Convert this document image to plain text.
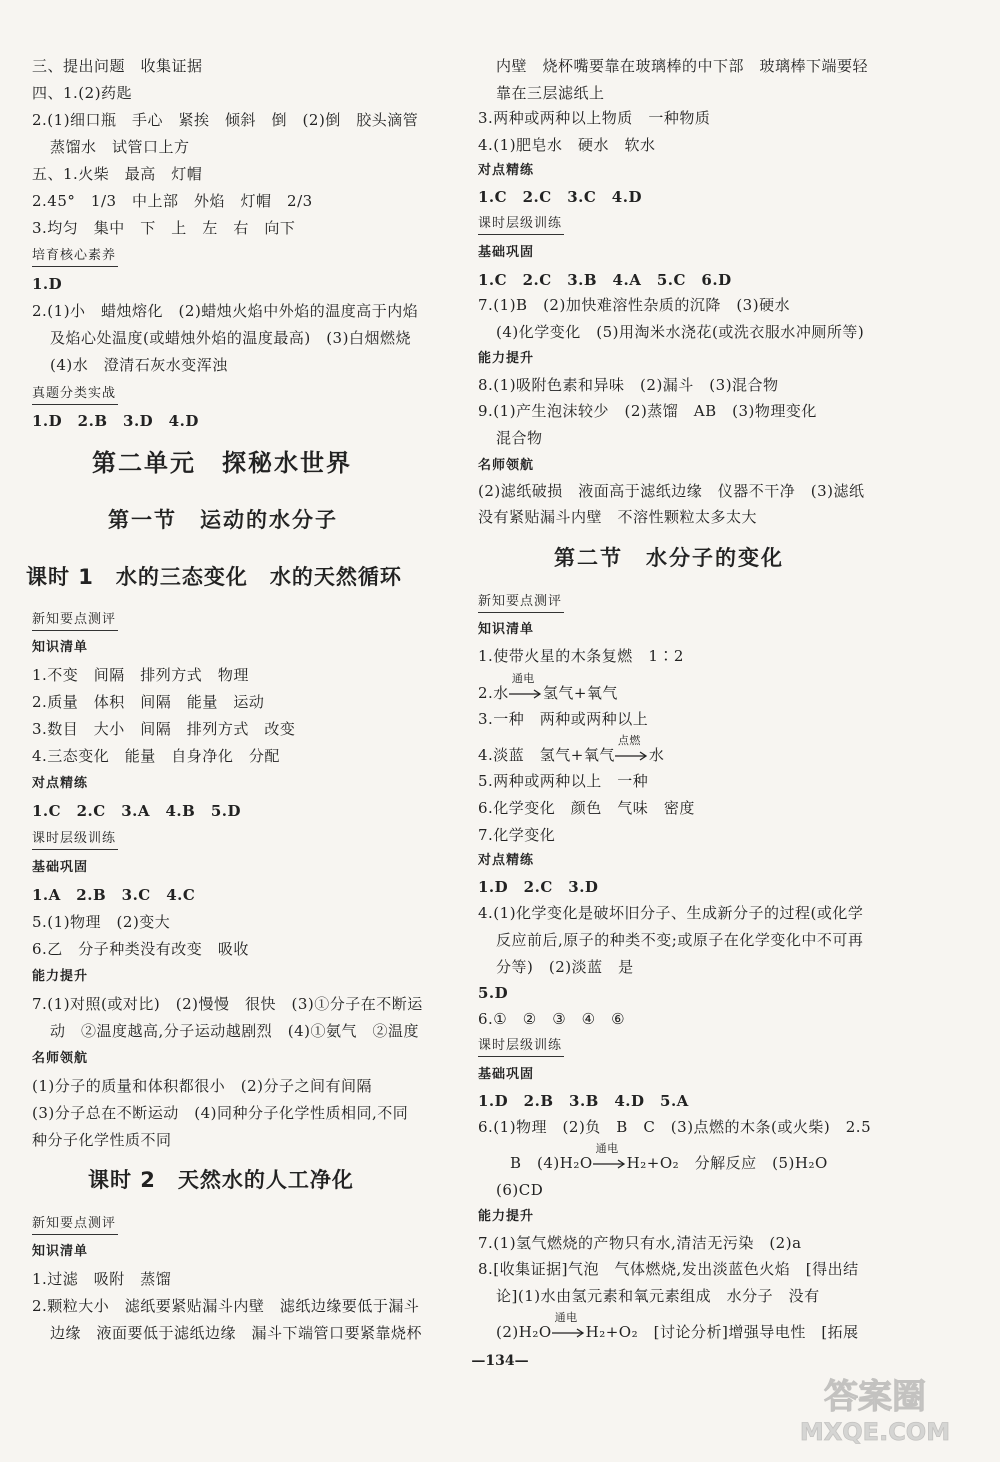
三、提出问题　收集证据
四、1.(2)药匙
2.(1)细口瓶　手心　紧挨　倾斜　倒　(2)倒　胶头滴管
蒸馏水　试管口上方
五、1.火柴　最高　灯帽
2.45°　1/3　中上部　外焰　灯帽　2/3
3.均匀　集中　下　上　左　右　向下
培育核心素养
1.D
2.(1)小　蜡烛熔化　(2)蜡烛火焰中外焰的温度高于内焰
及焰心处温度(或蜡烛外焰的温度最高)　(3)白烟燃烧
(4)水　澄清石灰水变浑浊
真题分类实战
1.D　2.B　3.D　4.D
第二单元　探秘水世界
第一节　运动的水分子
课时 1　水的三态变化　水的天然循环
新知要点测评
知识清单
1.不变　间隔　排列方式　物理
2.质量　体积　间隔　能量　运动
3.数目　大小　间隔　排列方式　改变
4.三态变化　能量　自身净化　分配
对点精练
1.C　2.C　3.A　4.B　5.D
课时层级训练
基础巩固
1.A　2.B　3.C　4.C
5.(1)物理　(2)变大
6.乙　分子种类没有改变　吸收
能力提升
7.(1)对照(或对比)　(2)慢慢　很快　(3)①分子在不断运
动　②温度越高,分子运动越剧烈　(4)①氨气　②温度
名师领航
(1)分子的质量和体积都很小　(2)分子之间有间隔
(3)分子总在不断运动　(4)同种分子化学性质相同,不同
种分子化学性质不同
课时 2　天然水的人工净化
新知要点测评
知识清单
1.过滤　吸附　蒸馏
2.颗粒大小　滤纸要紧贴漏斗内壁　滤纸边缘要低于漏斗
边缘　液面要低于滤纸边缘　漏斗下端管口要紧靠烧杯
内壁　烧杯嘴要靠在玻璃棒的中下部　玻璃棒下端要轻
靠在三层滤纸上
3.两种或两种以上物质　一种物质
4.(1)肥皂水　硬水　软水
对点精练
1.C　2.C　3.C　4.D
课时层级训练
基础巩固
1.C　2.C　3.B　4.A　5.C　6.D
7.(1)B　(2)加快难溶性杂质的沉降　(3)硬水
(4)化学变化　(5)用淘米水浇花(或洗衣服水冲厕所等)
能力提升
8.(1)吸附色素和异味　(2)漏斗　(3)混合物
9.(1)产生泡沫较少　(2)蒸馏　AB　(3)物理变化
混合物
名师领航
(2)滤纸破损　液面高于滤纸边缘　仪器不干净　(3)滤纸
没有紧贴漏斗内壁　不溶性颗粒太多太大
第二节　水分子的变化
新知要点测评
知识清单
1.使带火星的木条复燃　1∶2
2.水
通电
氢气+氧气
3.一种　两种或两种以上
4.淡蓝　氢气+氧气
点燃
水
5.两种或两种以上　一种
6.化学变化　颜色　气味　密度
7.化学变化
对点精练
1.D　2.C　3.D
4.(1)化学变化是破坏旧分子、生成新分子的过程(或化学
反应前后,原子的种类不变;或原子在化学变化中不可再
分等)　(2)淡蓝　是
5.D
6.①　②　③　④　⑥
课时层级训练
基础巩固
1.D　2.B　3.B　4.D　5.A
6.(1)物理　(2)负　B　C　(3)点燃的木条(或火柴)　2.5
B　(4)H₂O
通电
H₂+O₂　分解反应　(5)H₂O
(6)CD
能力提升
7.(1)氢气燃烧的产物只有水,清洁无污染　(2)a
8.[收集证据]气泡　气体燃烧,发出淡蓝色火焰　[得出结
论](1)水由氢元素和氧元素组成　水分子　没有
(2)H₂O
通电
H₂+O₂　[讨论分析]增强导电性　[拓展
—134—
答案圈
MXQE.COM
